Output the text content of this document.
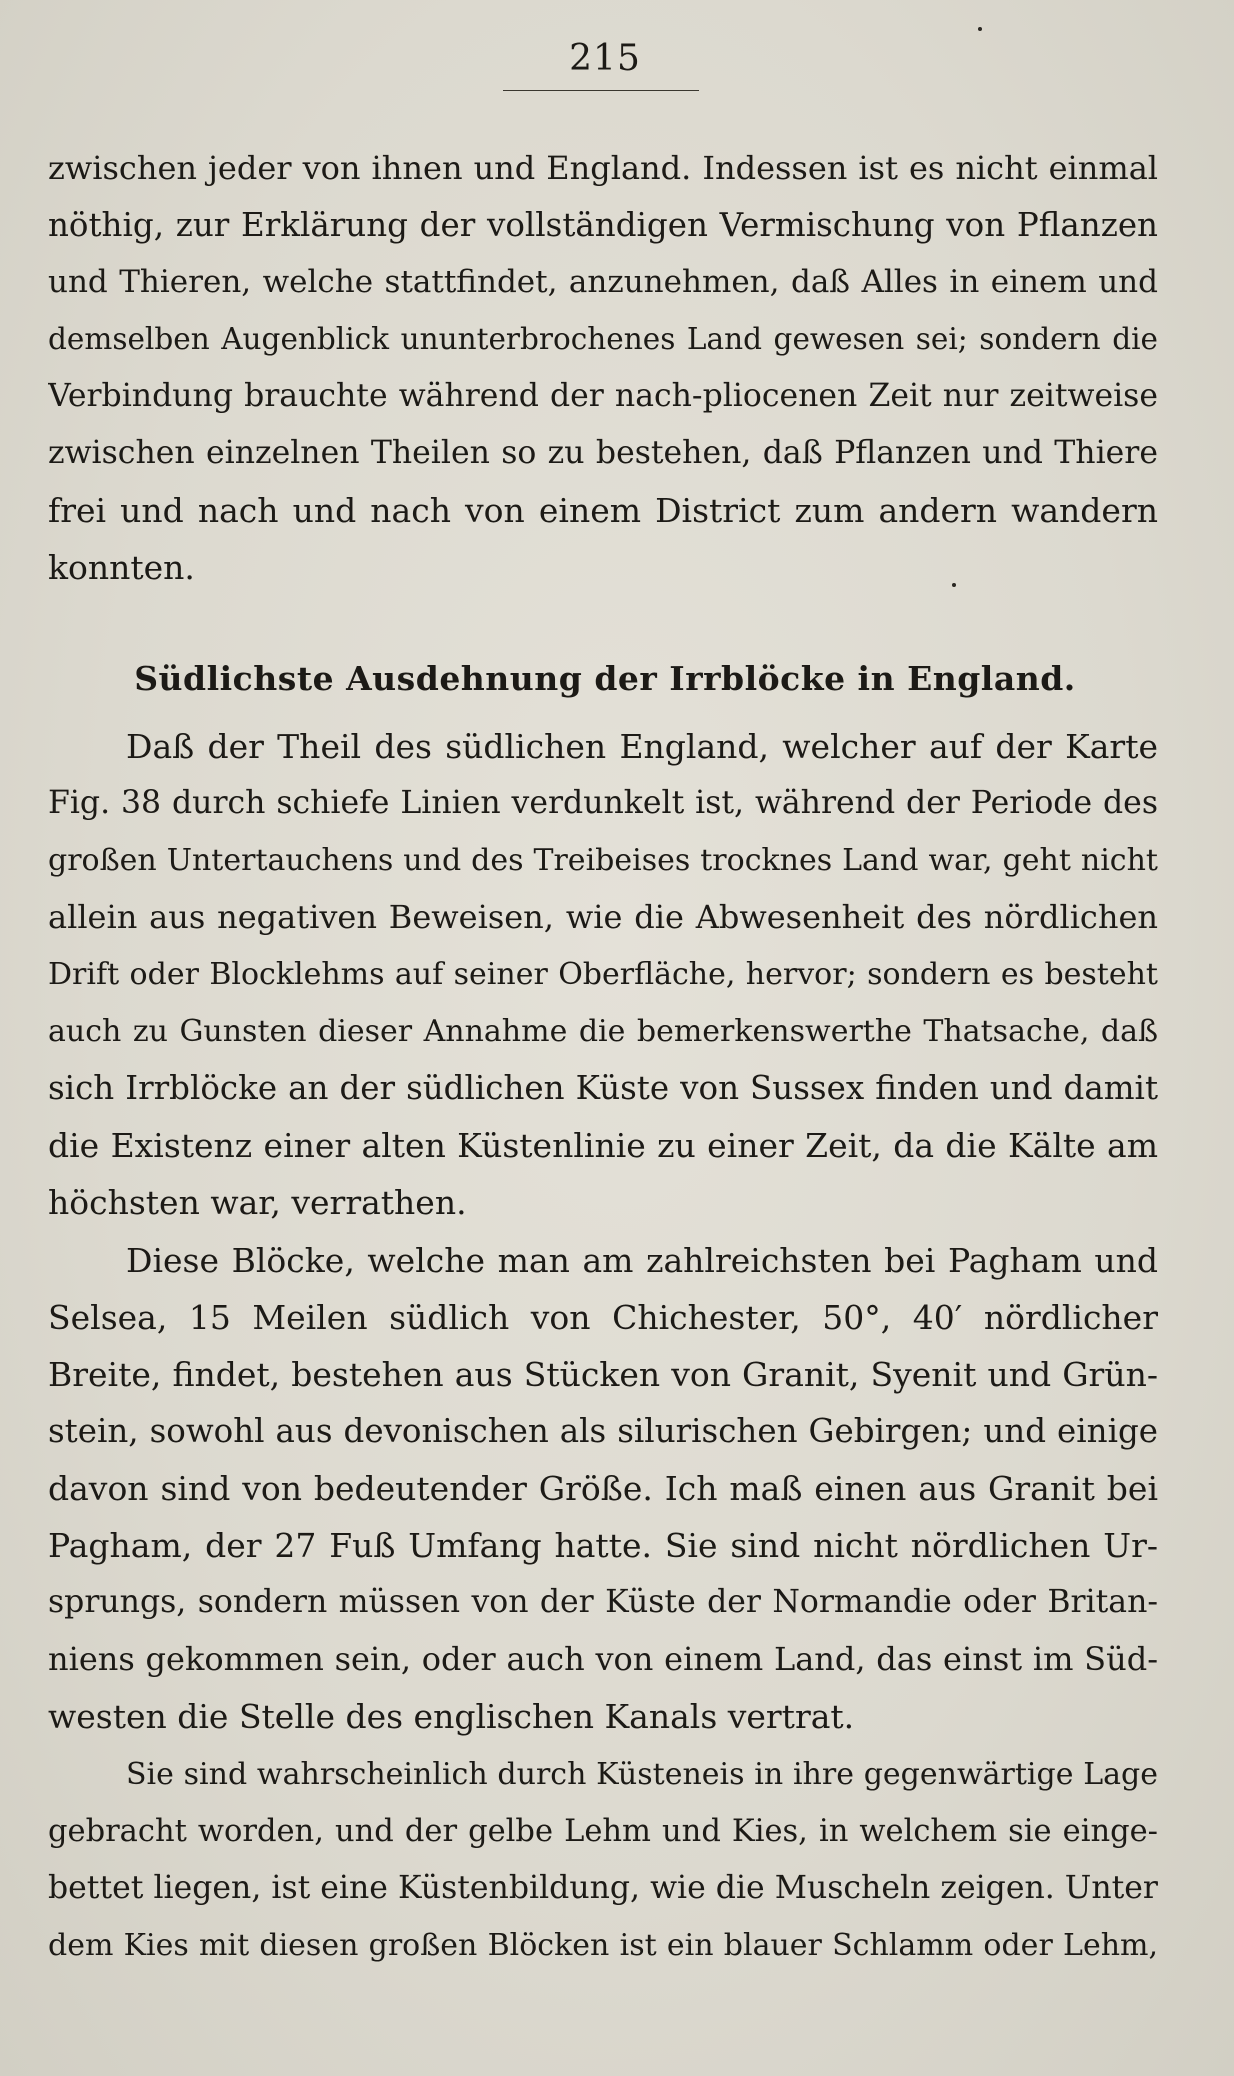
215
zwischen jeder von ihnen und England. Indessen ist es nicht einmal
nöthig, zur Erklärung der vollständigen Vermischung von Pflanzen
und Thieren, welche stattfindet, anzunehmen, daß Alles in einem und
demselben Augenblick ununterbrochenes Land gewesen sei; sondern die
Verbindung brauchte während der nach-pliocenen Zeit nur zeitweise
zwischen einzelnen Theilen so zu bestehen, daß Pflanzen und Thiere
frei und nach und nach von einem District zum andern wandern
konnten.
Südlichste Ausdehnung der Irrblöcke in England.
Daß der Theil des südlichen England, welcher auf der Karte
Fig. 38 durch schiefe Linien verdunkelt ist, während der Periode des
großen Untertauchens und des Treibeises trocknes Land war, geht nicht
allein aus negativen Beweisen, wie die Abwesenheit des nördlichen
Drift oder Blocklehms auf seiner Oberfläche, hervor; sondern es besteht
auch zu Gunsten dieser Annahme die bemerkenswerthe Thatsache, daß
sich Irrblöcke an der südlichen Küste von Sussex finden und damit
die Existenz einer alten Küstenlinie zu einer Zeit, da die Kälte am
höchsten war, verrathen.
Diese Blöcke, welche man am zahlreichsten bei Pagham und
Selsea, 15 Meilen südlich von Chichester, 50°, 40′ nördlicher
Breite, findet, bestehen aus Stücken von Granit, Syenit und Grün-
stein, sowohl aus devonischen als silurischen Gebirgen; und einige
davon sind von bedeutender Größe. Ich maß einen aus Granit bei
Pagham, der 27 Fuß Umfang hatte. Sie sind nicht nördlichen Ur-
sprungs, sondern müssen von der Küste der Normandie oder Britan-
niens gekommen sein, oder auch von einem Land, das einst im Süd-
westen die Stelle des englischen Kanals vertrat.
Sie sind wahrscheinlich durch Küsteneis in ihre gegenwärtige Lage
gebracht worden, und der gelbe Lehm und Kies, in welchem sie einge-
bettet liegen, ist eine Küstenbildung, wie die Muscheln zeigen. Unter
dem Kies mit diesen großen Blöcken ist ein blauer Schlamm oder Lehm,
